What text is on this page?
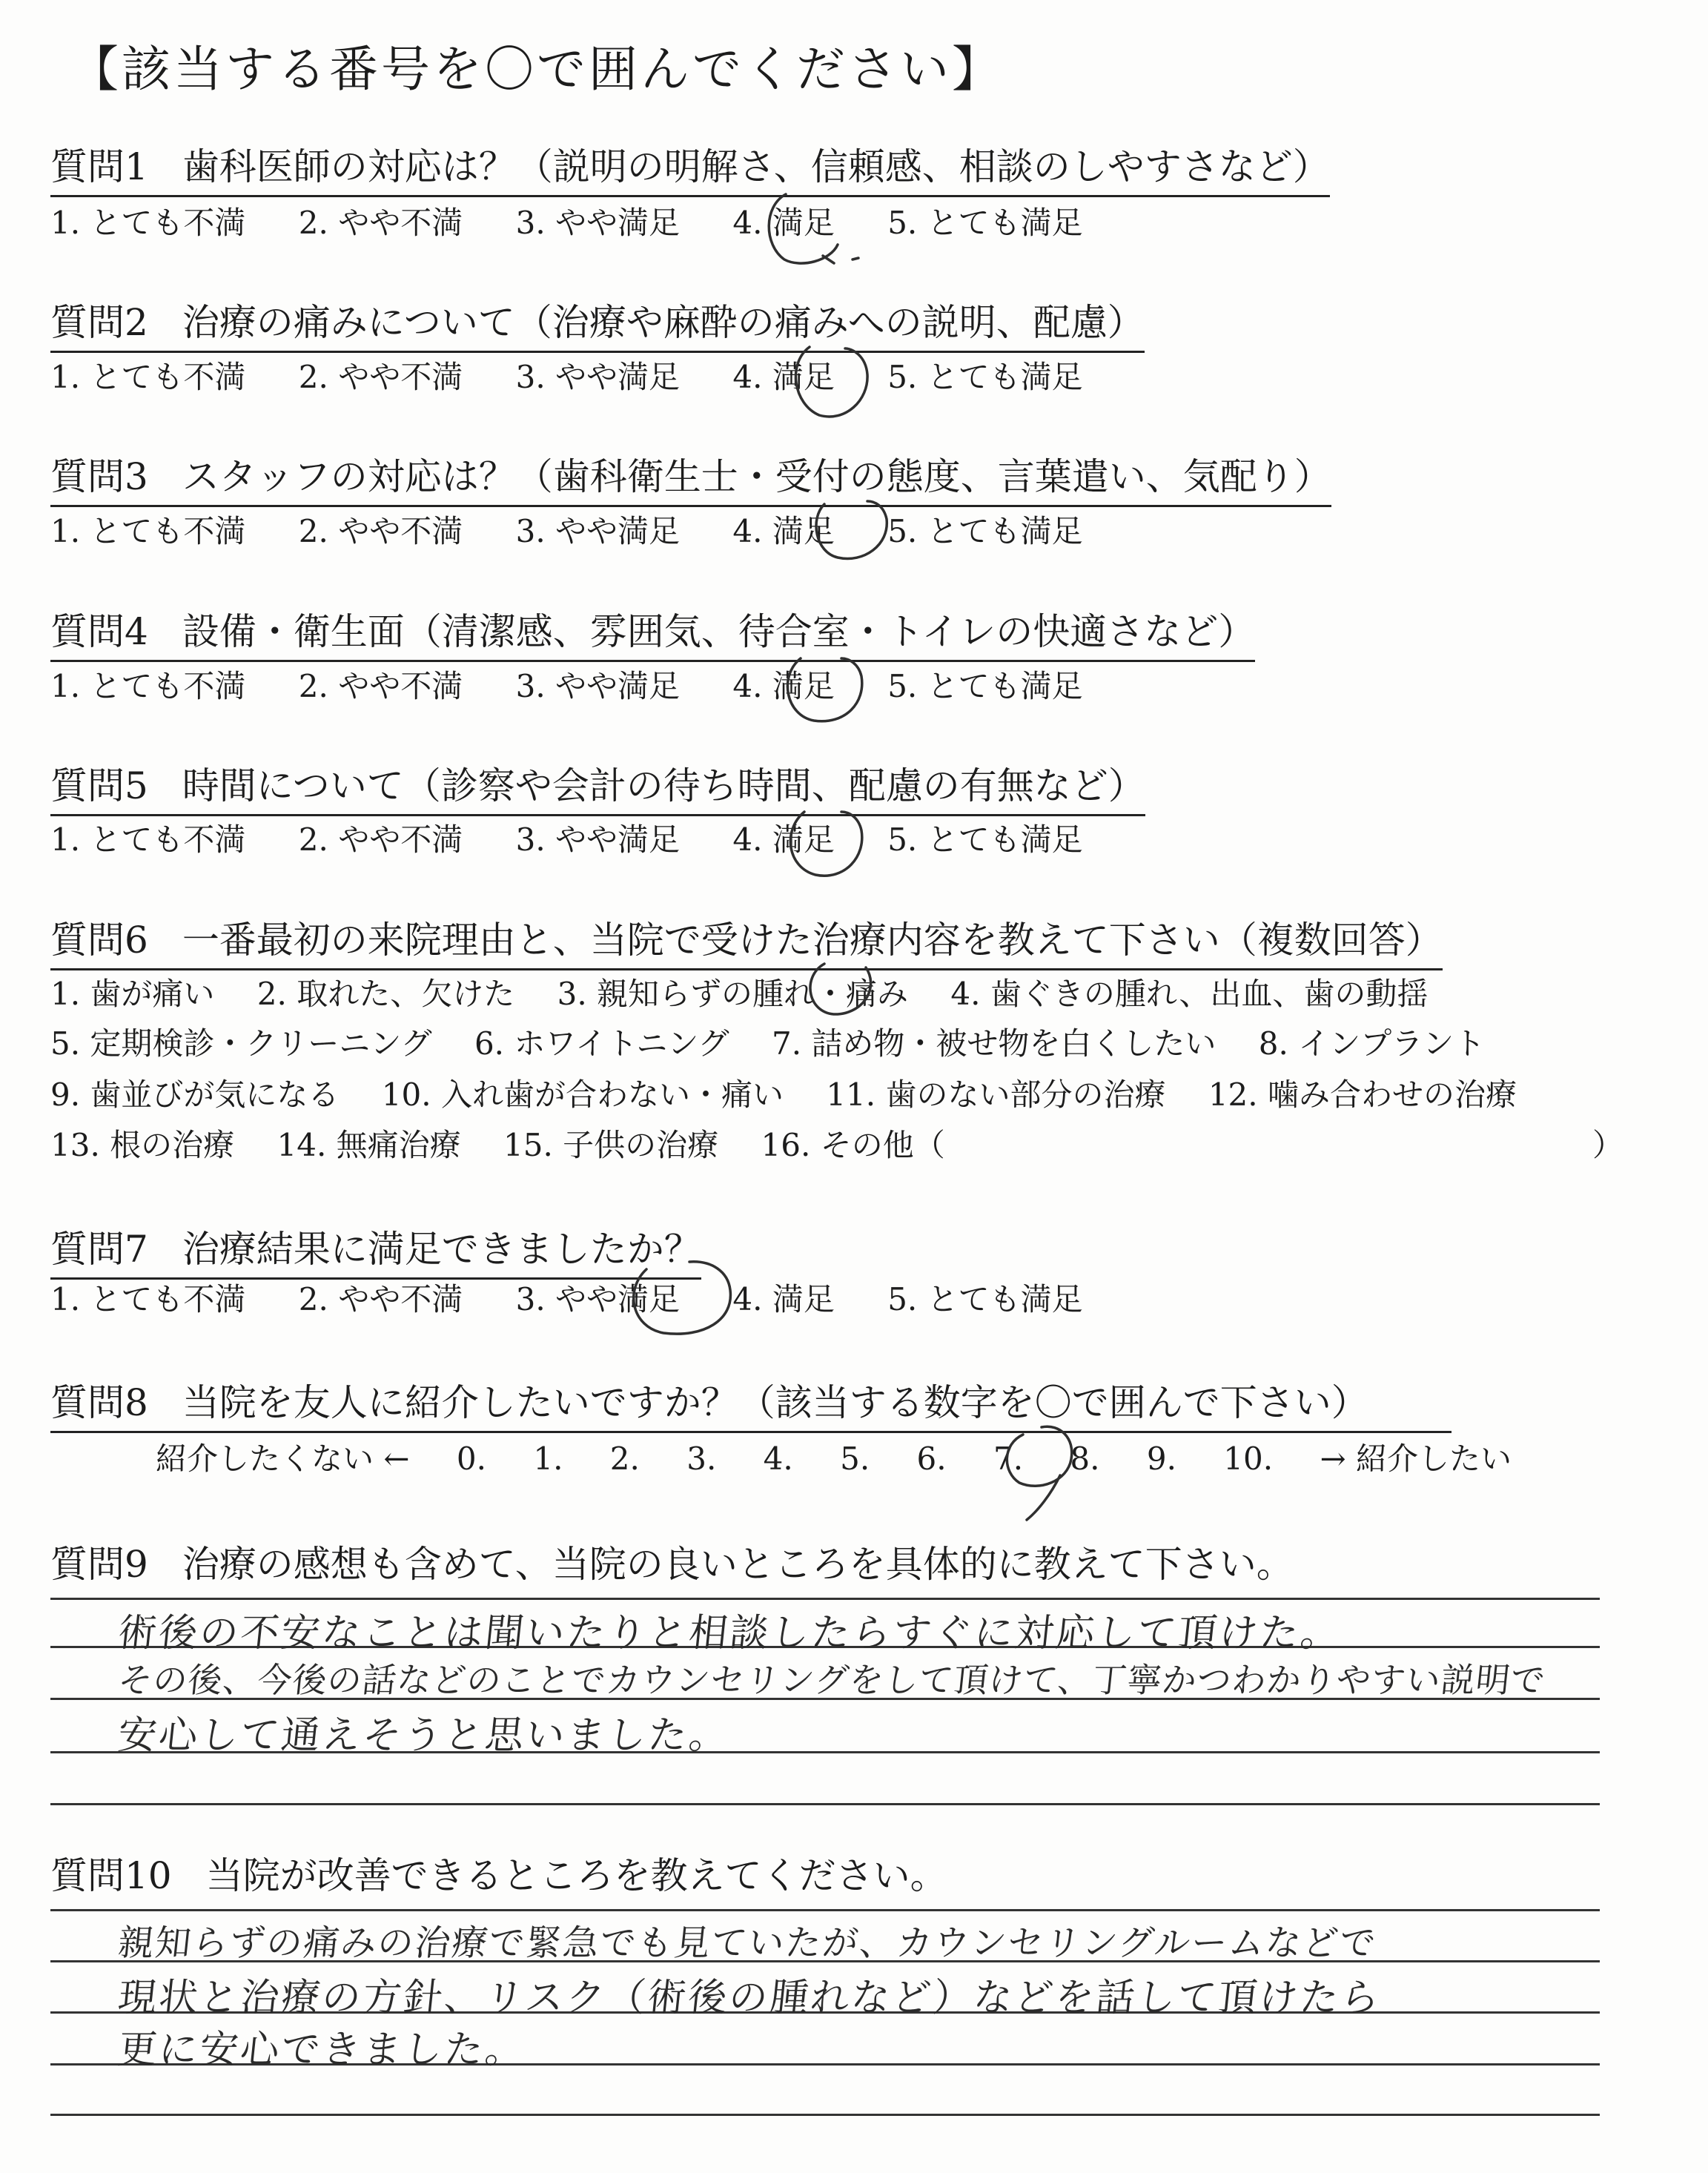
【該当する番号を〇で囲んでください】
質問1 歯科医師の対応は？（説明の明解さ、信頼感、相談のしやすさなど）
1. とても不満 2. やや不満 3. やや満足 4. 満足 5. とても満足
質問2 治療の痛みについて（治療や麻酔の痛みへの説明、配慮）
1. とても不満 2. やや不満 3. やや満足 4. 満足 5. とても満足
質問3 スタッフの対応は？（歯科衛生士・受付の態度、言葉遣い、気配り）
1. とても不満 2. やや不満 3. やや満足 4. 満足 5. とても満足
質問4 設備・衛生面（清潔感、雰囲気、待合室・トイレの快適さなど）
1. とても不満 2. やや不満 3. やや満足 4. 満足 5. とても満足
質問5 時間について（診察や会計の待ち時間、配慮の有無など）
1. とても不満 2. やや不満 3. やや満足 4. 満足 5. とても満足
質問6 一番最初の来院理由と、当院で受けた治療内容を教えて下さい（複数回答）
1. 歯が痛い 2. 取れた、欠けた 3. 親知らずの腫れ・痛み 4. 歯ぐきの腫れ、出血、歯の動揺
5. 定期検診・クリーニング 6. ホワイトニング 7. 詰め物・被せ物を白くしたい 8. インプラント
9. 歯並びが気になる 10. 入れ歯が合わない・痛い 11. 歯のない部分の治療 12. 噛み合わせの治療
13. 根の治療 14. 無痛治療 15. 子供の治療 16. その他（	）
質問7 治療結果に満足できましたか？
1. とても不満 2. やや不満 3. やや満足 4. 満足 5. とても満足
質問8 当院を友人に紹介したいですか？（該当する数字を〇で囲んで下さい）
紹介したくない ← 0. 1. 2. 3. 4. 5. 6. 7. 8. 9. 10. → 紹介したい
質問9 治療の感想も含めて、当院の良いところを具体的に教えて下さい。
術後の不安なことは聞いたりと相談したらすぐに対応して頂けた。
その後、今後の話などのことでカウンセリングをして頂けて、丁寧かつわかりやすい説明で
安心して通えそうと思いました。
質問10 当院が改善できるところを教えてください。
親知らずの痛みの治療で緊急でも見ていたが、カウンセリングルームなどで
現状と治療の方針、リスク（術後の腫れなど）などを話して頂けたら
更に安心できました。
